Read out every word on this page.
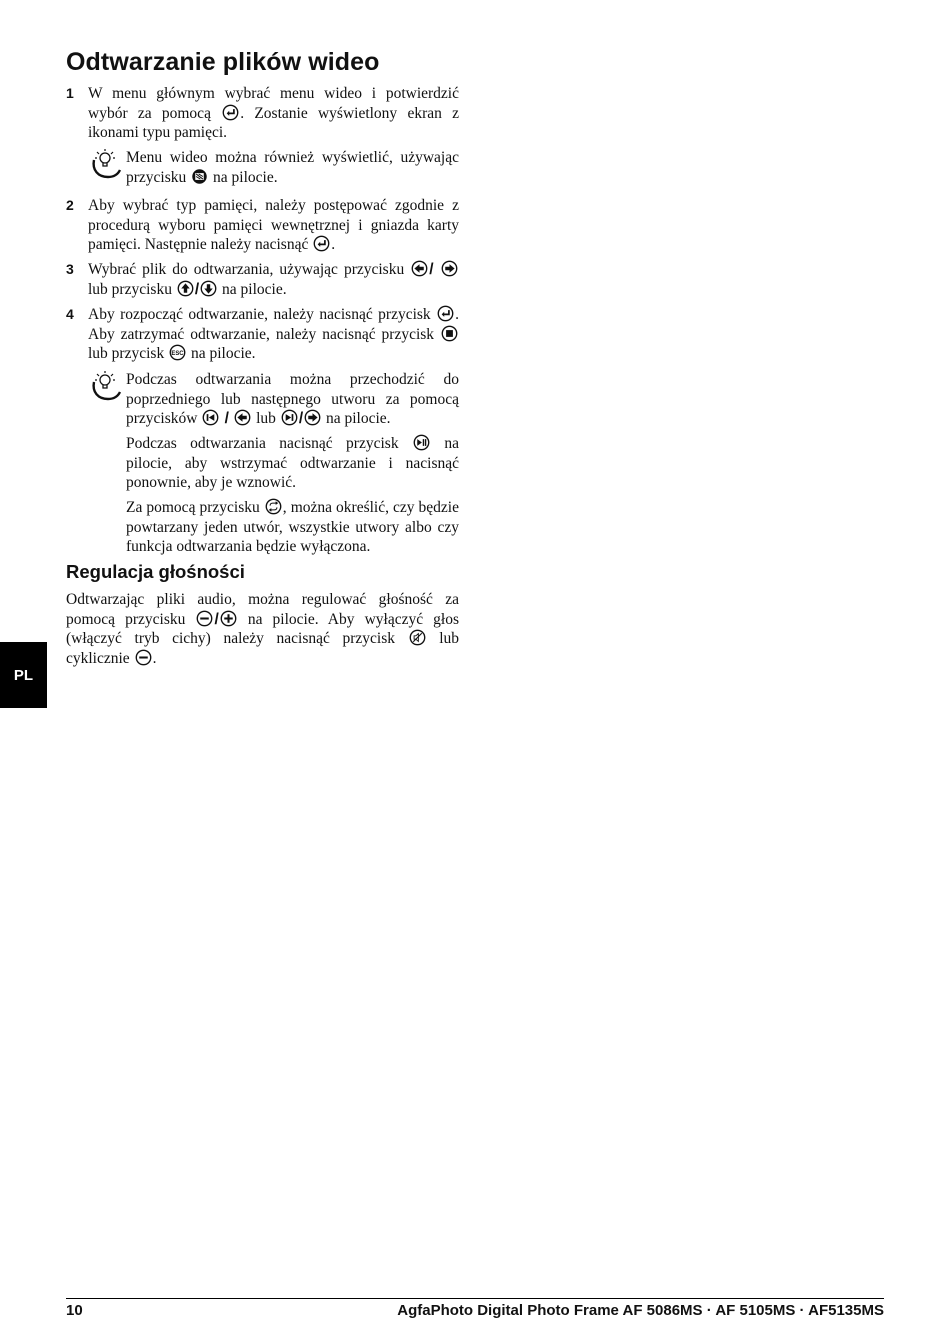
Odtwarzanie plików wideo
1 W menu głównym wybrać menu wideo i potwierdzić wybór za pomocą
. Zostanie wyświetlony ekran z ikonami typu pamięci.
Menu wideo można również wyświetlić, używając przycisku
na pilocie.
2 Aby wybrać typ pamięci, należy postępować zgodnie z procedurą wyboru pamięci wewnętrznej i gniazda karty pamięci. Następnie należy nacisnąć
.
3 Wybrać plik do odtwarzania, używając przycisku
/
lub przycisku
/
na pilocie.
4 Aby rozpocząć odtwarzanie, należy nacisnąć przycisk
. Aby zatrzymać odtwarzanie, należy nacisnąć przycisk
lub przycisk ESC na pilocie.
Podczas odtwarzania można przechodzić do poprzedniego lub następnego utworu za pomocą przycisków
/
lub
/
na pilocie.
Podczas odtwarzania nacisnąć przycisk
na pilocie, aby wstrzymać odtwarzanie i nacisnąć ponownie, aby je wznowić.
Za pomocą przycisku
, można określić, czy będzie powtarzany jeden utwór, wszystkie utwory albo czy funkcja odtwarzania będzie wyłączona.
Regulacja głośności
Odtwarzając pliki audio, można regulować głośność za pomocą przycisku
/
na pilocie. Aby wyłączyć głos (włączyć tryb cichy) należy nacisnąć przycisk
lub cyklicznie
.
PL
10	AgfaPhoto Digital Photo Frame AF 5086MS · AF 5105MS · AF5135MS
